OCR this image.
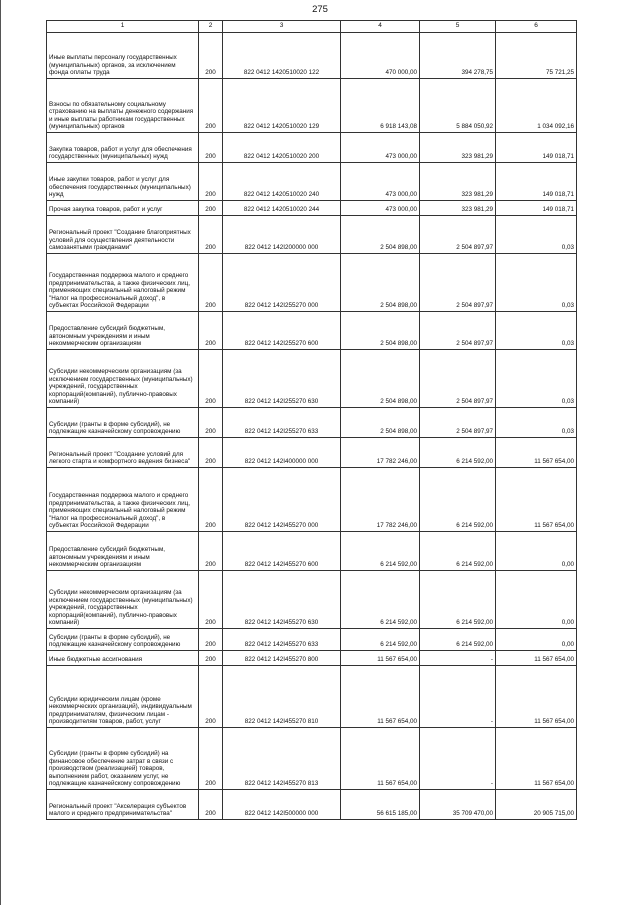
275
1	2	3	4	5	6
Иные выплаты персоналу государственных (муниципальных) органов, за исключением фонда оплаты труда	200	822 0412 1420510020 122	470 000,00	394 278,75	75 721,25
Взносы по обязательному социальному страхованию на выплаты денежного содержания и иные выплаты работникам государственных (муниципальных) органов	200	822 0412 1420510020 129	6 918 143,08	5 884 050,92	1 034 092,16
Закупка товаров, работ и услуг для обеспечения государственных (муниципальных) нужд	200	822 0412 1420510020 200	473 000,00	323 981,29	149 018,71
Иные закупки товаров, работ и услуг для обеспечения государственных (муниципальных) нужд	200	822 0412 1420510020 240	473 000,00	323 981,29	149 018,71
Прочая закупка товаров, работ и услуг	200	822 0412 1420510020 244	473 000,00	323 981,29	149 018,71
Региональный проект "Создание благоприятных условий для осуществления деятельности самозанятыми гражданами"	200	822 0412 142I200000 000	2 504 898,00	2 504 897,97	0,03
Государственная поддержка малого и среднего предпринимательства, а также физических лиц, применяющих специальный налоговый режим "Налог на профессиональный доход", в субъектах Российской Федерации	200	822 0412 142I255270 000	2 504 898,00	2 504 897,97	0,03
Предоставление субсидий бюджетным, автономным учреждениям и иным некоммерческим организациям	200	822 0412 142I255270 600	2 504 898,00	2 504 897,97	0,03
Субсидии некоммерческим организациям (за исключением государственных (муниципальных) учреждений, государственных корпораций(компаний), публично-правовых компаний)	200	822 0412 142I255270 630	2 504 898,00	2 504 897,97	0,03
Субсидии (гранты в форме субсидий), не подлежащие казначейскому сопровождению	200	822 0412 142I255270 633	2 504 898,00	2 504 897,97	0,03
Региональный проект "Создание условий для легкого старта и комфортного ведения бизнеса"	200	822 0412 142I400000 000	17 782 246,00	6 214 592,00	11 567 654,00
Государственная поддержка малого и среднего предпринимательства, а также физических лиц, применяющих специальный налоговый режим "Налог на профессиональный доход", в субъектах Российской Федерации	200	822 0412 142I455270 000	17 782 246,00	6 214 592,00	11 567 654,00
Предоставление субсидий бюджетным, автономным учреждениям и иным некоммерческим организациям	200	822 0412 142I455270 600	6 214 592,00	6 214 592,00	0,00
Субсидии некоммерческим организациям (за исключением государственных (муниципальных) учреждений, государственных корпораций(компаний), публично-правовых компаний)	200	822 0412 142I455270 630	6 214 592,00	6 214 592,00	0,00
Субсидии (гранты в форме субсидий), не подлежащие казначейскому сопровождению	200	822 0412 142I455270 633	6 214 592,00	6 214 592,00	0,00
Иные бюджетные ассигнования	200	822 0412 142I455270 800	11 567 654,00	-	11 567 654,00
Субсидии юридическим лицам (кроме некоммерческих организаций), индивидуальным предпринимателям, физическим лицам - производителям товаров, работ, услуг	200	822 0412 142I455270 810	11 567 654,00	-	11 567 654,00
Субсидии (гранты в форме субсидий) на финансовое обеспечение затрат в связи с производством (реализацией) товаров, выполнением работ, оказанием услуг, не подлежащие казначейскому сопровождению	200	822 0412 142I455270 813	11 567 654,00	-	11 567 654,00
Региональный проект "Акселерация субъектов малого и среднего предпринимательства"	200	822 0412 142I500000 000	56 615 185,00	35 709 470,00	20 905 715,00
